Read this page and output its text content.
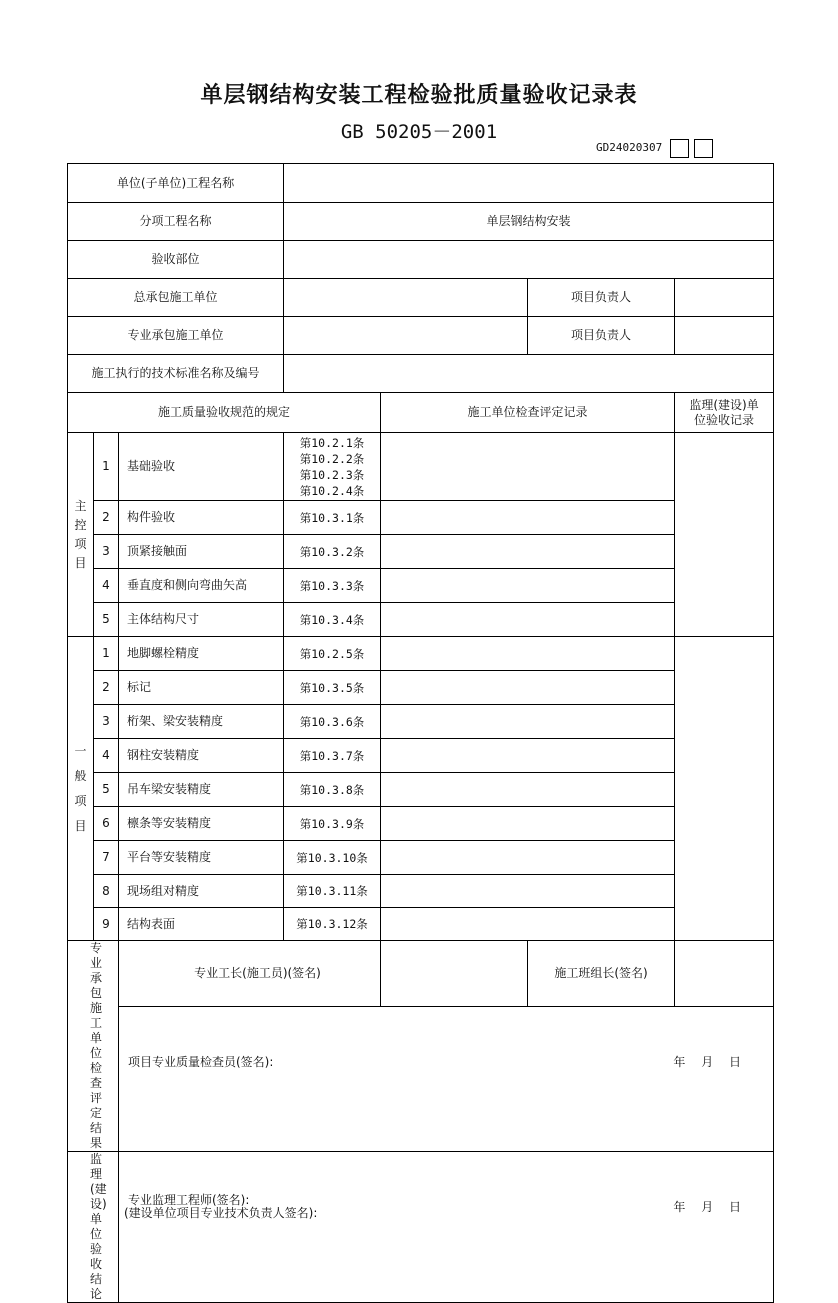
单层钢结构安装工程检验批质量验收记录表
GB 50205－2001
GD24020307
单位(子单位)工程名称						
分项工程名称			单层钢结构安装			
验收部位						
总承包施工单位					项目负责人	
专业承包施工单位					项目负责人	
施工执行的技术标准名称及编号						
施工质量验收规范的规定				施工单位检查评定记录		监理(建设)单位验收记录
主控项目	1	基础验收	第10.2.1条
第10.2.2条
第10.2.3条
第10.2.4条			

	2	构件验收	第10.3.1条			

	3	顶紧接触面	第10.3.2条			

	4	垂直度和侧向弯曲矢高	第10.3.3条			

	5	主体结构尺寸	第10.3.4条			

一般项目	1	地脚螺栓精度	第10.2.5条			

	2	标记	第10.3.5条			

	3	桁架、梁安装精度	第10.3.6条			

	4	钢柱安装精度	第10.3.7条			

	5	吊车梁安装精度	第10.3.8条			

	6	檩条等安装精度	第10.3.9条			

	7	平台等安装精度	第10.3.10条			

	8	现场组对精度	第10.3.11条			

	9	结构表面	第10.3.12条			

专业承包施工单位检查评定结果		专业工长(施工员)(签名)			施工班组长(签名)	

		项目专业质量检查员(签名): 年 月 日				

监理(建设)单位验收结论		专业监理工程师(签名):
(建设单位项目专业技术负责人签名): 年 月 日				
